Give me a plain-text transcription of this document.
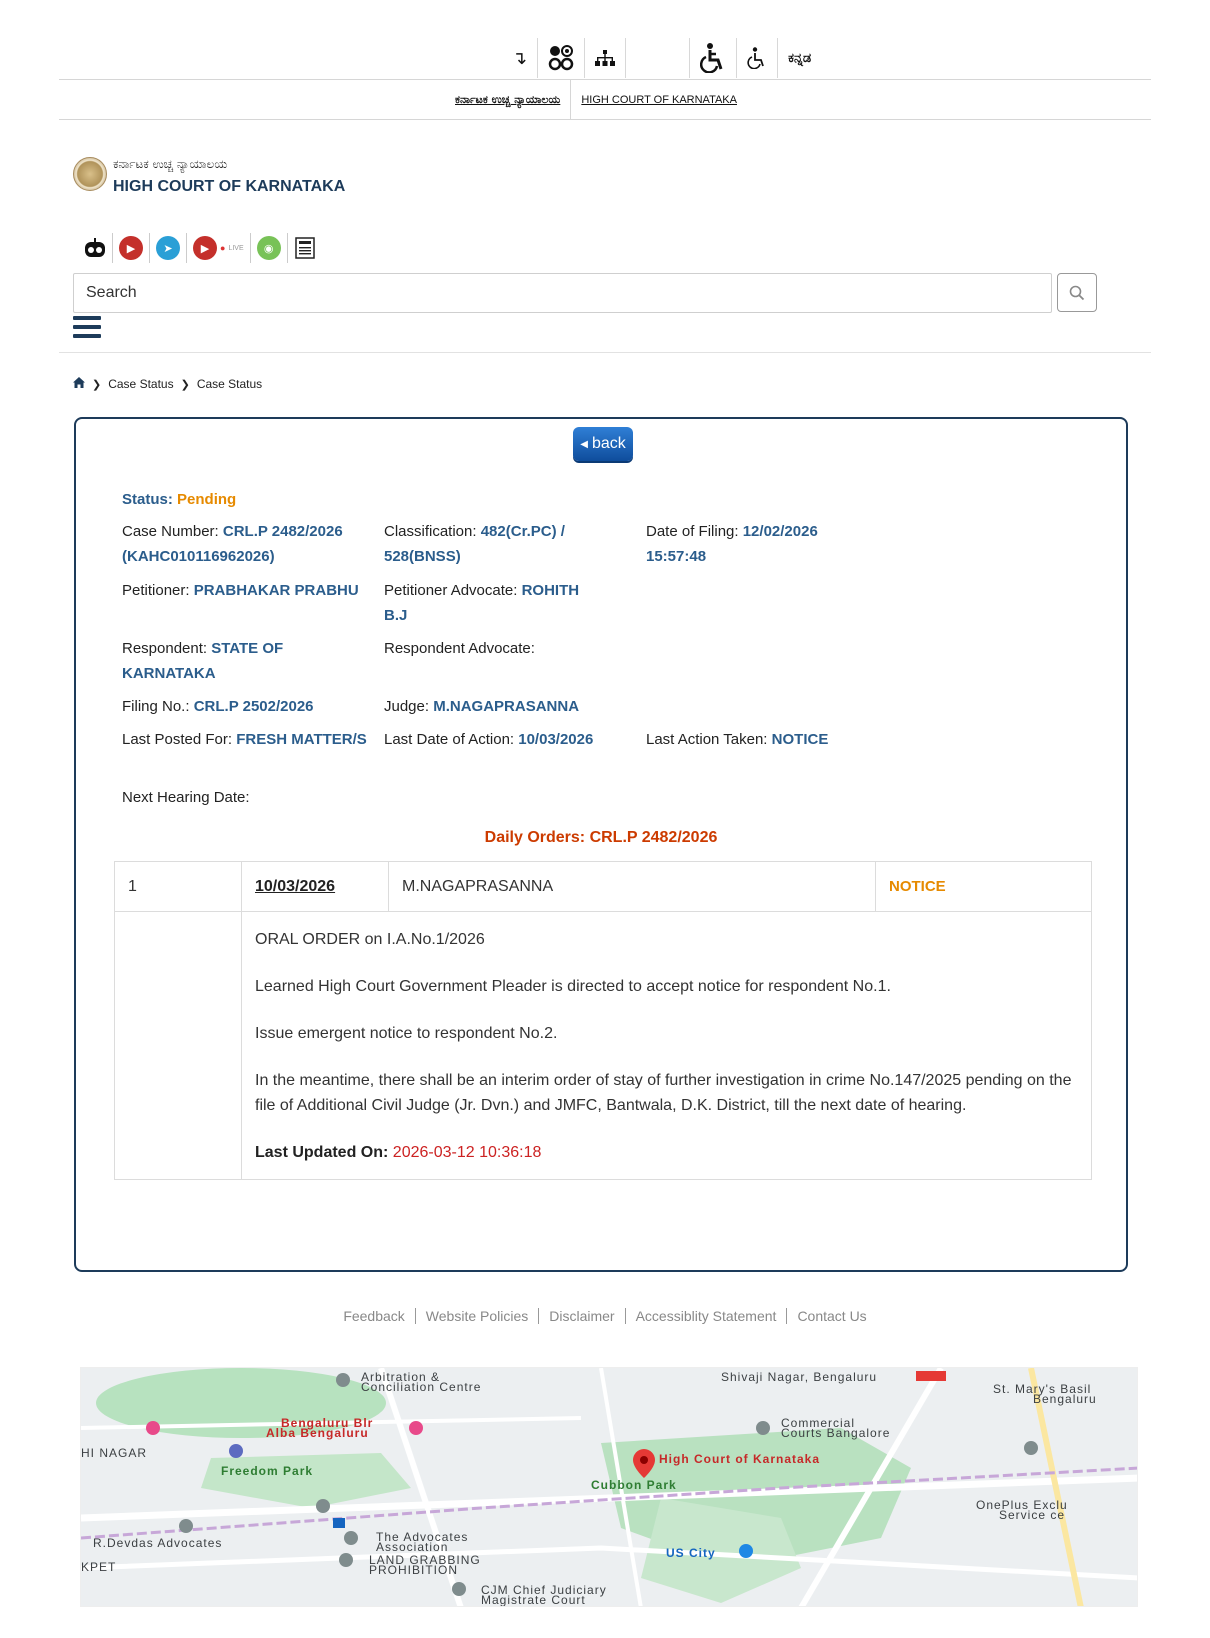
↴	ಕನ್ನಡ
ಕರ್ನಾಟಕ ಉಚ್ಚ ನ್ಯಾಯಾಲಯ	HIGH COURT OF KARNATAKA
ಕರ್ನಾಟಕ ಉಚ್ಚ ನ್ಯಾಯಾಲಯ
HIGH COURT OF KARNATAKA
▶	➤	▶	● LIVE	◉
Search
❯ Case Status ❯ Case Status
◀ back
Status: Pending
Case Number: CRL.P 2482/2026 (KAHC010116962026)
Classification: 482(Cr.PC) / 528(BNSS)
Date of Filing: 12/02/2026 15:57:48
Petitioner: PRABHAKAR PRABHU	Petitioner Advocate: ROHITH B.J
Respondent: STATE OF KARNATAKA
Respondent Advocate:
Filing No.: CRL.P 2502/2026	Judge: M.NAGAPRASANNA
Last Posted For: FRESH MATTER/S	Last Date of Action: 10/03/2026	Last Action Taken: NOTICE
Next Hearing Date:
Daily Orders: CRL.P 2482/2026
1	10/03/2026	M.NAGAPRASANNA	NOTICE

	ORAL ORDER on I.A.No.1/2026

Learned High Court Government Pleader is directed to accept notice for respondent No.1.

Issue emergent notice to respondent No.2.

In the meantime, there shall be an interim order of stay of further investigation in crime No.147/2025 pending on the file of Additional Civil Judge (Jr. Dvn.) and JMFC, Bantwala, D.K. District, till the next date of hearing.

Last Updated On: 2026-03-12 10:36:18		

Feedback	Website Policies	Disclaimer	Accessiblity Statement	Contact Us
Arbitration &
Conciliation Centre
Shivaji Nagar, Bengaluru
St. Mary's Basil
Bengaluru
Bengaluru Blr
Alba Bengaluru
Commercial
Courts Bangalore
HI NAGAR
Freedom Park
High Court of Karnataka
Cubbon Park
OnePlus Exclu
Service ce
R.Devdas Advocates	The Advocates
Association
LAND GRABBING
PROHIBITION
US City
KPET
CJM Chief Judiciary
Magistrate Court
